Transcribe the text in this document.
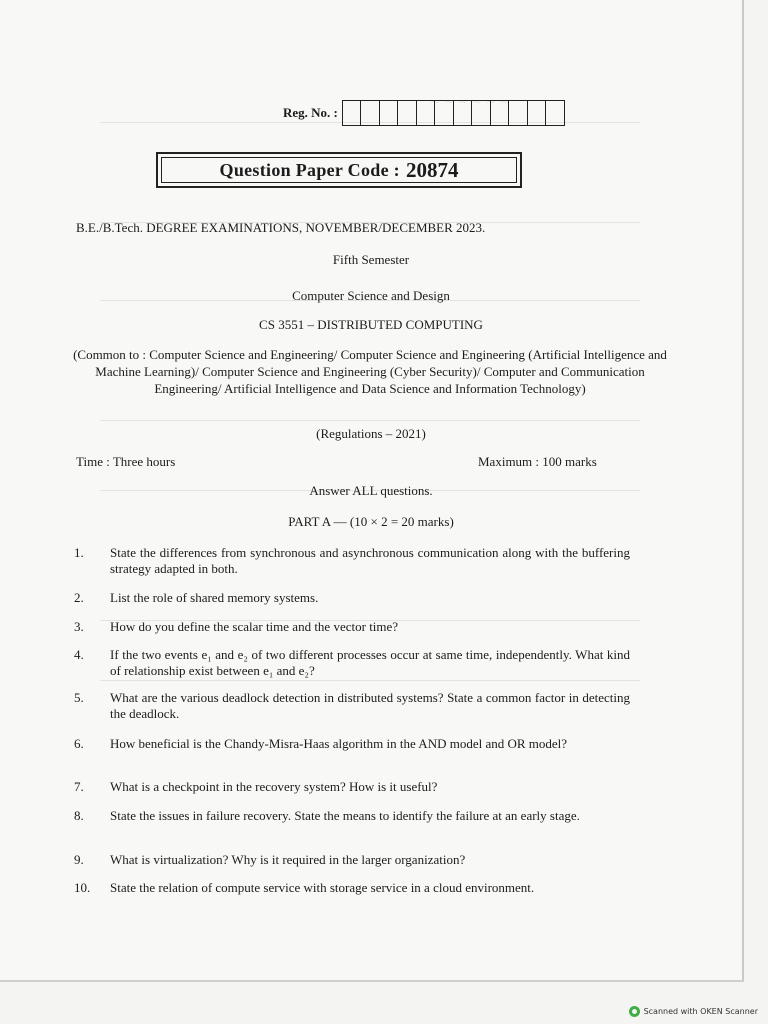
~ ~ ~ ~ ~ ~
Reg. No. :
Question Paper Code : 20874
B.E./B.Tech. DEGREE EXAMINATIONS, NOVEMBER/DECEMBER 2023.
Fifth Semester
Computer Science and Design
CS 3551 – DISTRIBUTED COMPUTING
(Common to : Computer Science and Engineering/ Computer Science and Engineering (Artificial Intelligence and Machine Learning)/ Computer Science and Engineering (Cyber Security)/ Computer and Communication Engineering/ Artificial Intelligence and Data Science and Information Technology)
(Regulations – 2021)
Time : Three hours	Maximum : 100 marks
Answer ALL questions.
PART A — (10 × 2 = 20 marks)
1.	State the differences from synchronous and asynchronous communication along with the buffering strategy adapted in both.
2.	List the role of shared memory systems.
3.	How do you define the scalar time and the vector time?
4.	If the two events e₁ and e₂ of two different processes occur at same time, independently. What kind of relationship exist between e₁ and e₂?
5.	What are the various deadlock detection in distributed systems? State a common factor in detecting the deadlock.
6.	How beneficial is the Chandy-Misra-Haas algorithm in the AND model and OR model?
7.	What is a checkpoint in the recovery system? How is it useful?
8.	State the issues in failure recovery. State the means to identify the failure at an early stage.
9.	What is virtualization? Why is it required in the larger organization?
10.	State the relation of compute service with storage service in a cloud environment.
Scanned with OKEN Scanner
